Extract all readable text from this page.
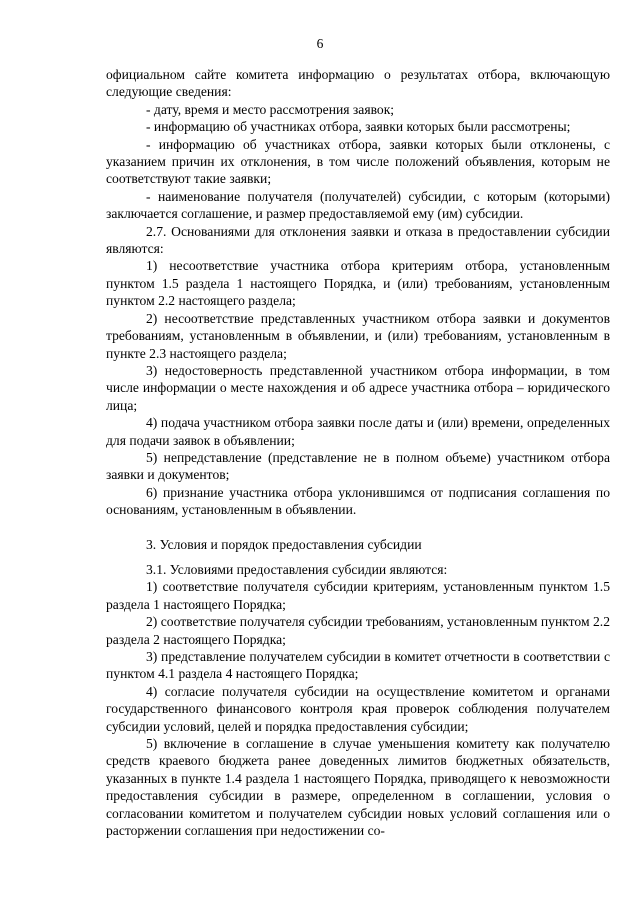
6

официальном сайте комитета информацию о результатах отбора, включающую следующие сведения:

- дату, время и место рассмотрения заявок;

- информацию об участниках отбора, заявки которых были рассмотрены;

- информацию об участниках отбора, заявки которых были отклонены, с указанием причин их отклонения, в том числе положений объявления, которым не соответствуют такие заявки;

- наименование получателя (получателей) субсидии, с которым (которыми) заключается соглашение, и размер предоставляемой ему (им) субсидии.

2.7. Основаниями для отклонения заявки и отказа в предоставлении субсидии являются:

1) несоответствие участника отбора критериям отбора, установленным пунктом 1.5 раздела 1 настоящего Порядка, и (или) требованиям, установленным пунктом 2.2 настоящего раздела;

2) несоответствие представленных участником отбора заявки и документов требованиям, установленным в объявлении, и (или) требованиям, установленным в пункте 2.3 настоящего раздела;

3) недостоверность представленной участником отбора информации, в том числе информации о месте нахождения и об адресе участника отбора – юридического лица;

4) подача участником отбора заявки после даты и (или) времени, определенных для подачи заявок в объявлении;

5) непредставление (представление не в полном объеме) участником отбора заявки и документов;

6) признание участника отбора уклонившимся от подписания соглашения по основаниям, установленным в объявлении.

3. Условия и порядок предоставления субсидии

3.1. Условиями предоставления субсидии являются:

1) соответствие получателя субсидии критериям, установленным пунктом 1.5 раздела 1 настоящего Порядка;

2) соответствие получателя субсидии требованиям, установленным пунктом 2.2 раздела 2 настоящего Порядка;

3) представление получателем субсидии в комитет отчетности в соответствии с пунктом 4.1 раздела 4 настоящего Порядка;

4) согласие получателя субсидии на осуществление комитетом и органами государственного финансового контроля края проверок соблюдения получателем субсидии условий, целей и порядка предоставления субсидии;

5) включение в соглашение в случае уменьшения комитету как получателю средств краевого бюджета ранее доведенных лимитов бюджетных обязательств, указанных в пункте 1.4 раздела 1 настоящего Порядка, приводящего к невозможности предоставления субсидии в размере, определенном в соглашении, условия о согласовании комитетом и получателем субсидии новых условий соглашения или о расторжении соглашения при недостижении со-
